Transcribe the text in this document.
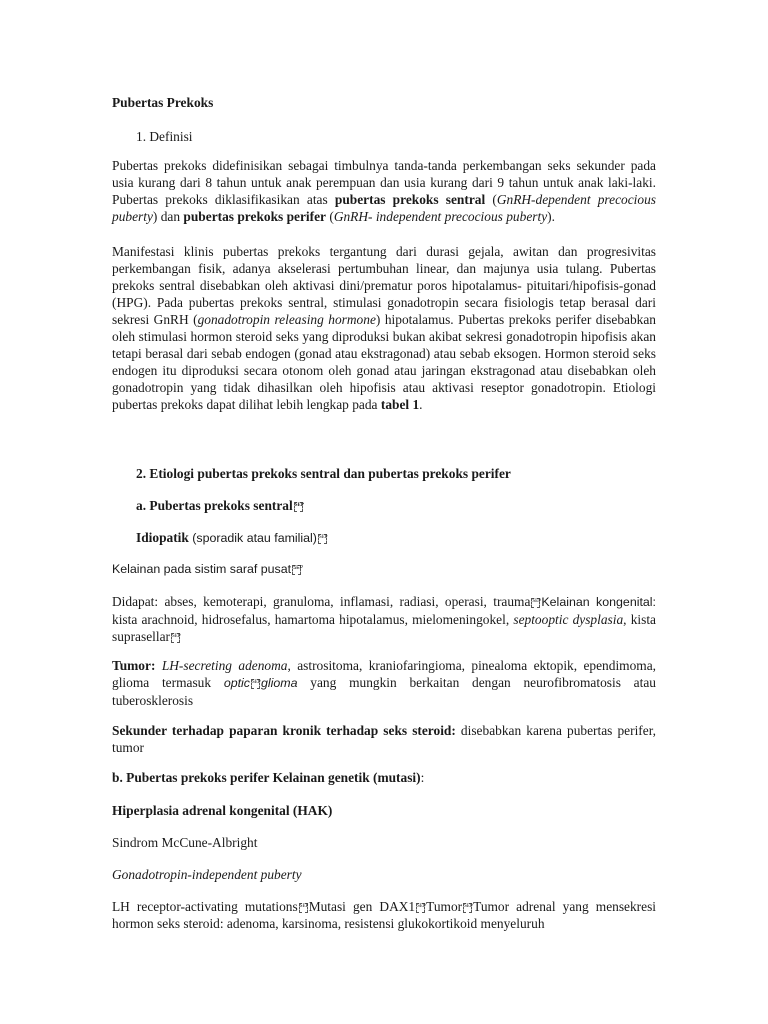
Pubertas Prekoks

1. Definisi

Pubertas prekoks didefinisikan sebagai timbulnya tanda-tanda perkembangan seks sekunder pada usia kurang dari 8 tahun untuk anak perempuan dan usia kurang dari 9 tahun untuk anak laki-laki. Pubertas prekoks diklasifikasikan atas pubertas prekoks sentral (GnRH-dependent precocious puberty) dan pubertas prekoks perifer (GnRH- independent precocious puberty).

Manifestasi klinis pubertas prekoks tergantung dari durasi gejala, awitan dan progresivitas perkembangan fisik, adanya akselerasi pertumbuhan linear, dan majunya usia tulang. Pubertas prekoks sentral disebabkan oleh aktivasi dini/prematur poros hipotalamus- pituitari/hipofisis-gonad (HPG). Pada pubertas prekoks sentral, stimulasi gonadotropin secara fisiologis tetap berasal dari sekresi GnRH (gonadotropin releasing hormone) hipotalamus. Pubertas prekoks perifer disebabkan oleh stimulasi hormon steroid seks yang diproduksi bukan akibat sekresi gonadotropin hipofisis akan tetapi berasal dari sebab endogen (gonad atau ekstragonad) atau sebab eksogen. Hormon steroid seks endogen itu diproduksi secara otonom oleh gonad atau jaringan ekstragonad atau disebabkan oleh gonadotropin yang tidak dihasilkan oleh hipofisis atau aktivasi reseptor gonadotropin. Etiologi pubertas prekoks dapat dilihat lebih lengkap pada tabel 1.

2. Etiologi pubertas prekoks sentral dan pubertas prekoks perifer

a. Pubertas prekoks sentral SEP

Idiopatik (sporadik atau familial) SEP

Kelainan pada sistim saraf pusat SEP

Didapat: abses, kemoterapi, granuloma, inflamasi, radiasi, operasi, trauma SEPKelainan kongenital: kista arachnoid, hidrosefalus, hamartoma hipotalamus, mielomeningokel, septooptic dysplasia, kista suprasellar SEP

Tumor: LH-secreting adenoma, astrositoma, kraniofaringioma, pinealoma ektopik, ependimoma, glioma termasuk optic SEPglioma yang mungkin berkaitan dengan neurofibromatosis atau tuberosklerosis

Sekunder terhadap paparan kronik terhadap seks steroid: disebabkan karena pubertas perifer, tumor

b. Pubertas prekoks perifer Kelainan genetik (mutasi):

Hiperplasia adrenal kongenital (HAK)

Sindrom McCune-Albright

Gonadotropin-independent puberty

LH receptor-activating mutations SEPMutasi gen DAX1 SEPTumor SEPTumor adrenal yang mensekresi hormon seks steroid: adenoma, karsinoma, resistensi glukokortikoid menyeluruh
